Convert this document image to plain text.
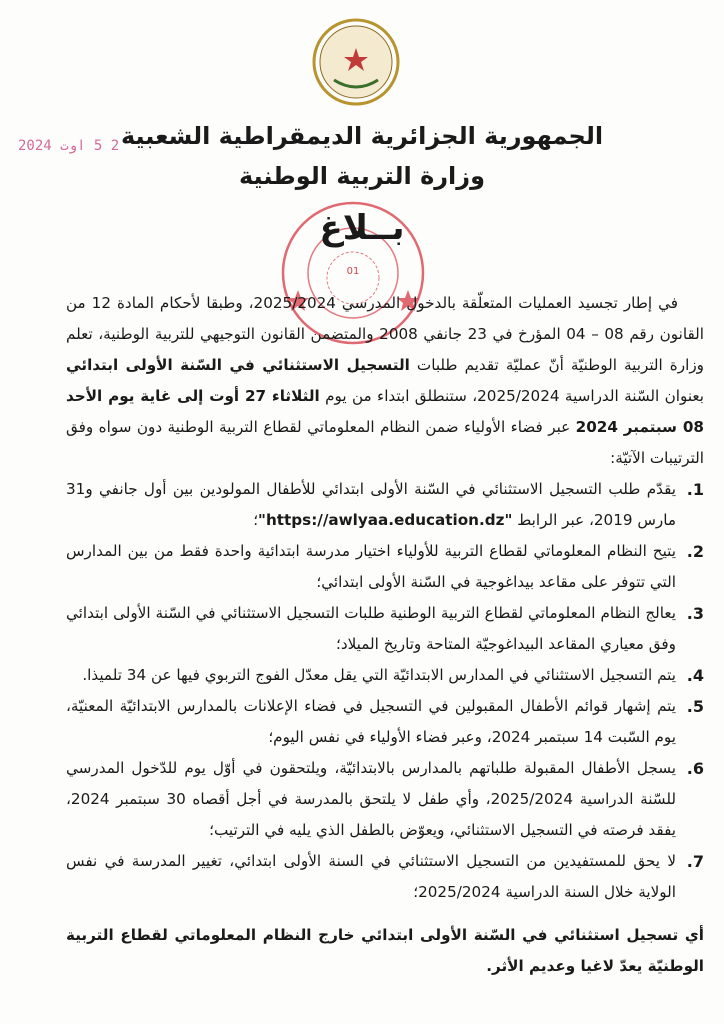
2 5 اوت 2024 الجمهورية الجزائرية الديمقراطية الشعبية
وزارة التربية الوطنية
01
بــلاغ

في إطار تجسيد العمليات المتعلّقة بالدخول المدرسي 2025/2024، وطبقا لأحكام المادة 12 من القانون رقم 08 – 04 المؤرخ في 23 جانفي 2008 والمتضمن القانون التوجيهي للتربية الوطنية، تعلم وزارة التربية الوطنيّة أنّ عمليّة تقديم طلبات التسجيل الاستثنائي في السّنة الأولى ابتدائي بعنوان السّنة الدراسية 2025/2024، ستنطلق ابتداء من يوم الثلاثاء 27 أوت إلى غاية يوم الأحد 08 سبتمبر 2024 عبر فضاء الأولياء ضمن النظام المعلوماتي لقطاع التربية الوطنية دون سواه وفق الترتيبات الآتيّة:

1.
يقدّم طلب التسجيل الاستثنائي في السّنة الأولى ابتدائي للأطفال المولودين بين أول جانفي و31 مارس 2019، عبر الرابط "https://awlyaa.education.dz"؛
2.
يتيح النظام المعلوماتي لقطاع التربية للأولياء اختيار مدرسة ابتدائية واحدة فقط من بين المدارس التي تتوفر على مقاعد بيداغوجية في السّنة الأولى ابتدائي؛
3.
يعالج النظام المعلوماتي لقطاع التربية الوطنية طلبات التسجيل الاستثنائي في السّنة الأولى ابتدائي وفق معياري المقاعد البيداغوجيّة المتاحة وتاريخ الميلاد؛
4.
يتم التسجيل الاستثنائي في المدارس الابتدائيّة التي يقل معدّل الفوج التربوي فيها عن 34 تلميذا.
5.
يتم إشهار قوائم الأطفال المقبولين في التسجيل في فضاء الإعلانات بالمدارس الابتدائيّة المعنيّة، يوم السّبت 14 سبتمبر 2024، وعبر فضاء الأولياء في نفس اليوم؛
6.
يسجل الأطفال المقبولة طلباتهم بالمدارس بالابتدائيّة، ويلتحقون في أوّل يوم للدّخول المدرسي للسّنة الدراسية 2025/2024، وأي طفل لا يلتحق بالمدرسة في أجل أقصاه 30 سبتمبر 2024، يفقد فرصته في التسجيل الاستثنائي، ويعوّض بالطفل الذي يليه في الترتيب؛
7.
لا يحق للمستفيدين من التسجيل الاستثنائي في السنة الأولى ابتدائي، تغيير المدرسة في نفس الولاية خلال السنة الدراسية 2025/2024؛

أي تسجيل استثنائي في السّنة الأولى ابتدائي خارج النظام المعلوماتي لقطاع التربية الوطنيّة يعدّ لاغيا وعديم الأثر.
